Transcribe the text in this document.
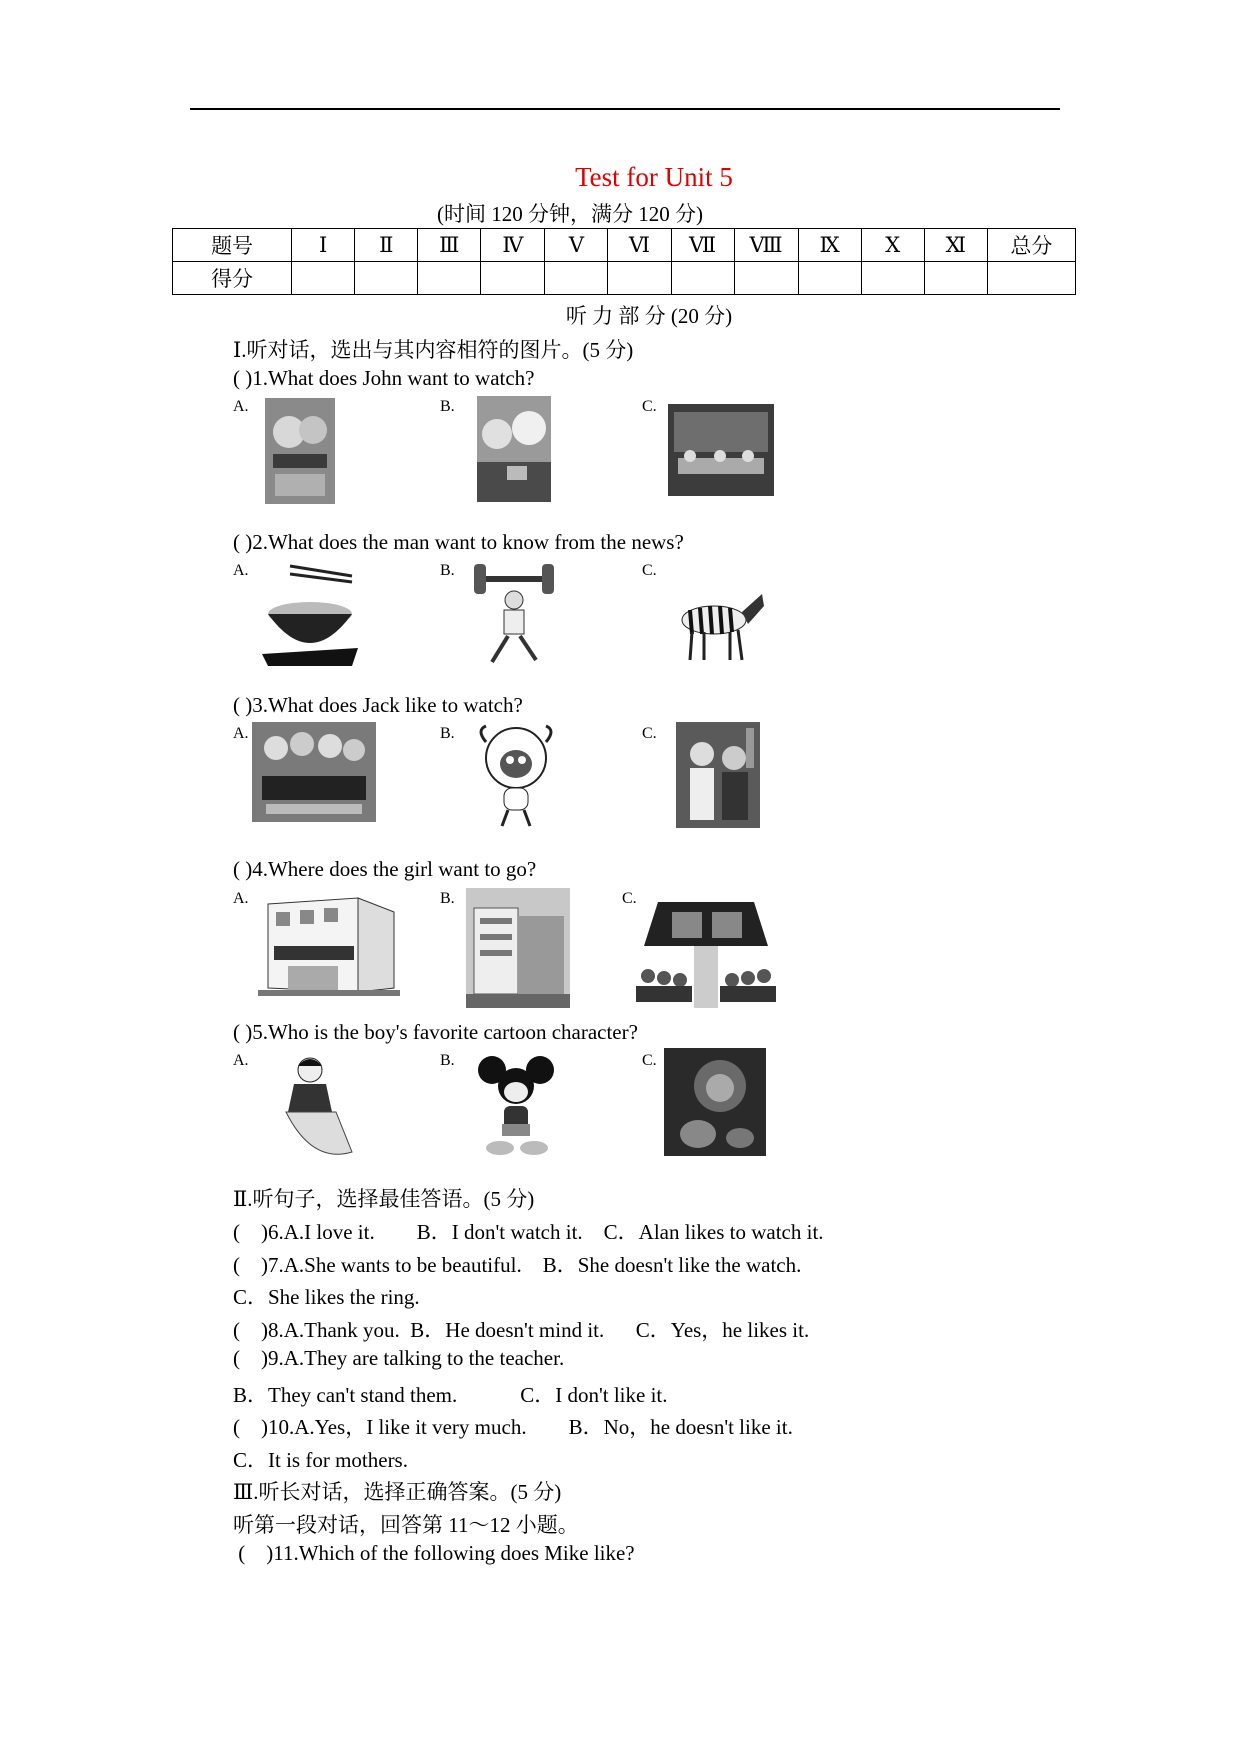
Test for Unit 5
(时间 120 分钟，满分 120 分)
题号	Ⅰ	Ⅱ	Ⅲ	Ⅳ	Ⅴ	Ⅵ	Ⅶ	Ⅷ	Ⅸ	Ⅹ	Ⅺ	总分
得分												
听 力 部 分 (20 分)
Ⅰ.听对话，选出与其内容相符的图片。(5 分)
( )1.What does John want to watch?
A.	B.	C.
( )2.What does the man want to know from the news?
A.	B.	C.
( )3.What does Jack like to watch?
A.	B.	C.
( )4.Where does the girl want to go?
A.	B.	C.
( )5.Who is the boy's favorite cartoon character?
A.	B.	C.
Ⅱ.听句子，选择最佳答语。(5 分)
(    )6.A.I love it.        B．I don't watch it.    C．Alan likes to watch it.
(    )7.A.She wants to be beautiful.    B．She doesn't like the watch.
C．She likes the ring.
(    )8.A.Thank you.  B．He doesn't mind it.      C．Yes，he likes it.
(    )9.A.They are talking to the teacher.
B．They can't stand them.            C．I don't like it.
(    )10.A.Yes，I like it very much.        B．No，he doesn't like it.
C．It is for mothers.
Ⅲ.听长对话，选择正确答案。(5 分)
听第一段对话，回答第 11～12 小题。
(    )11.Which of the following does Mike like?
